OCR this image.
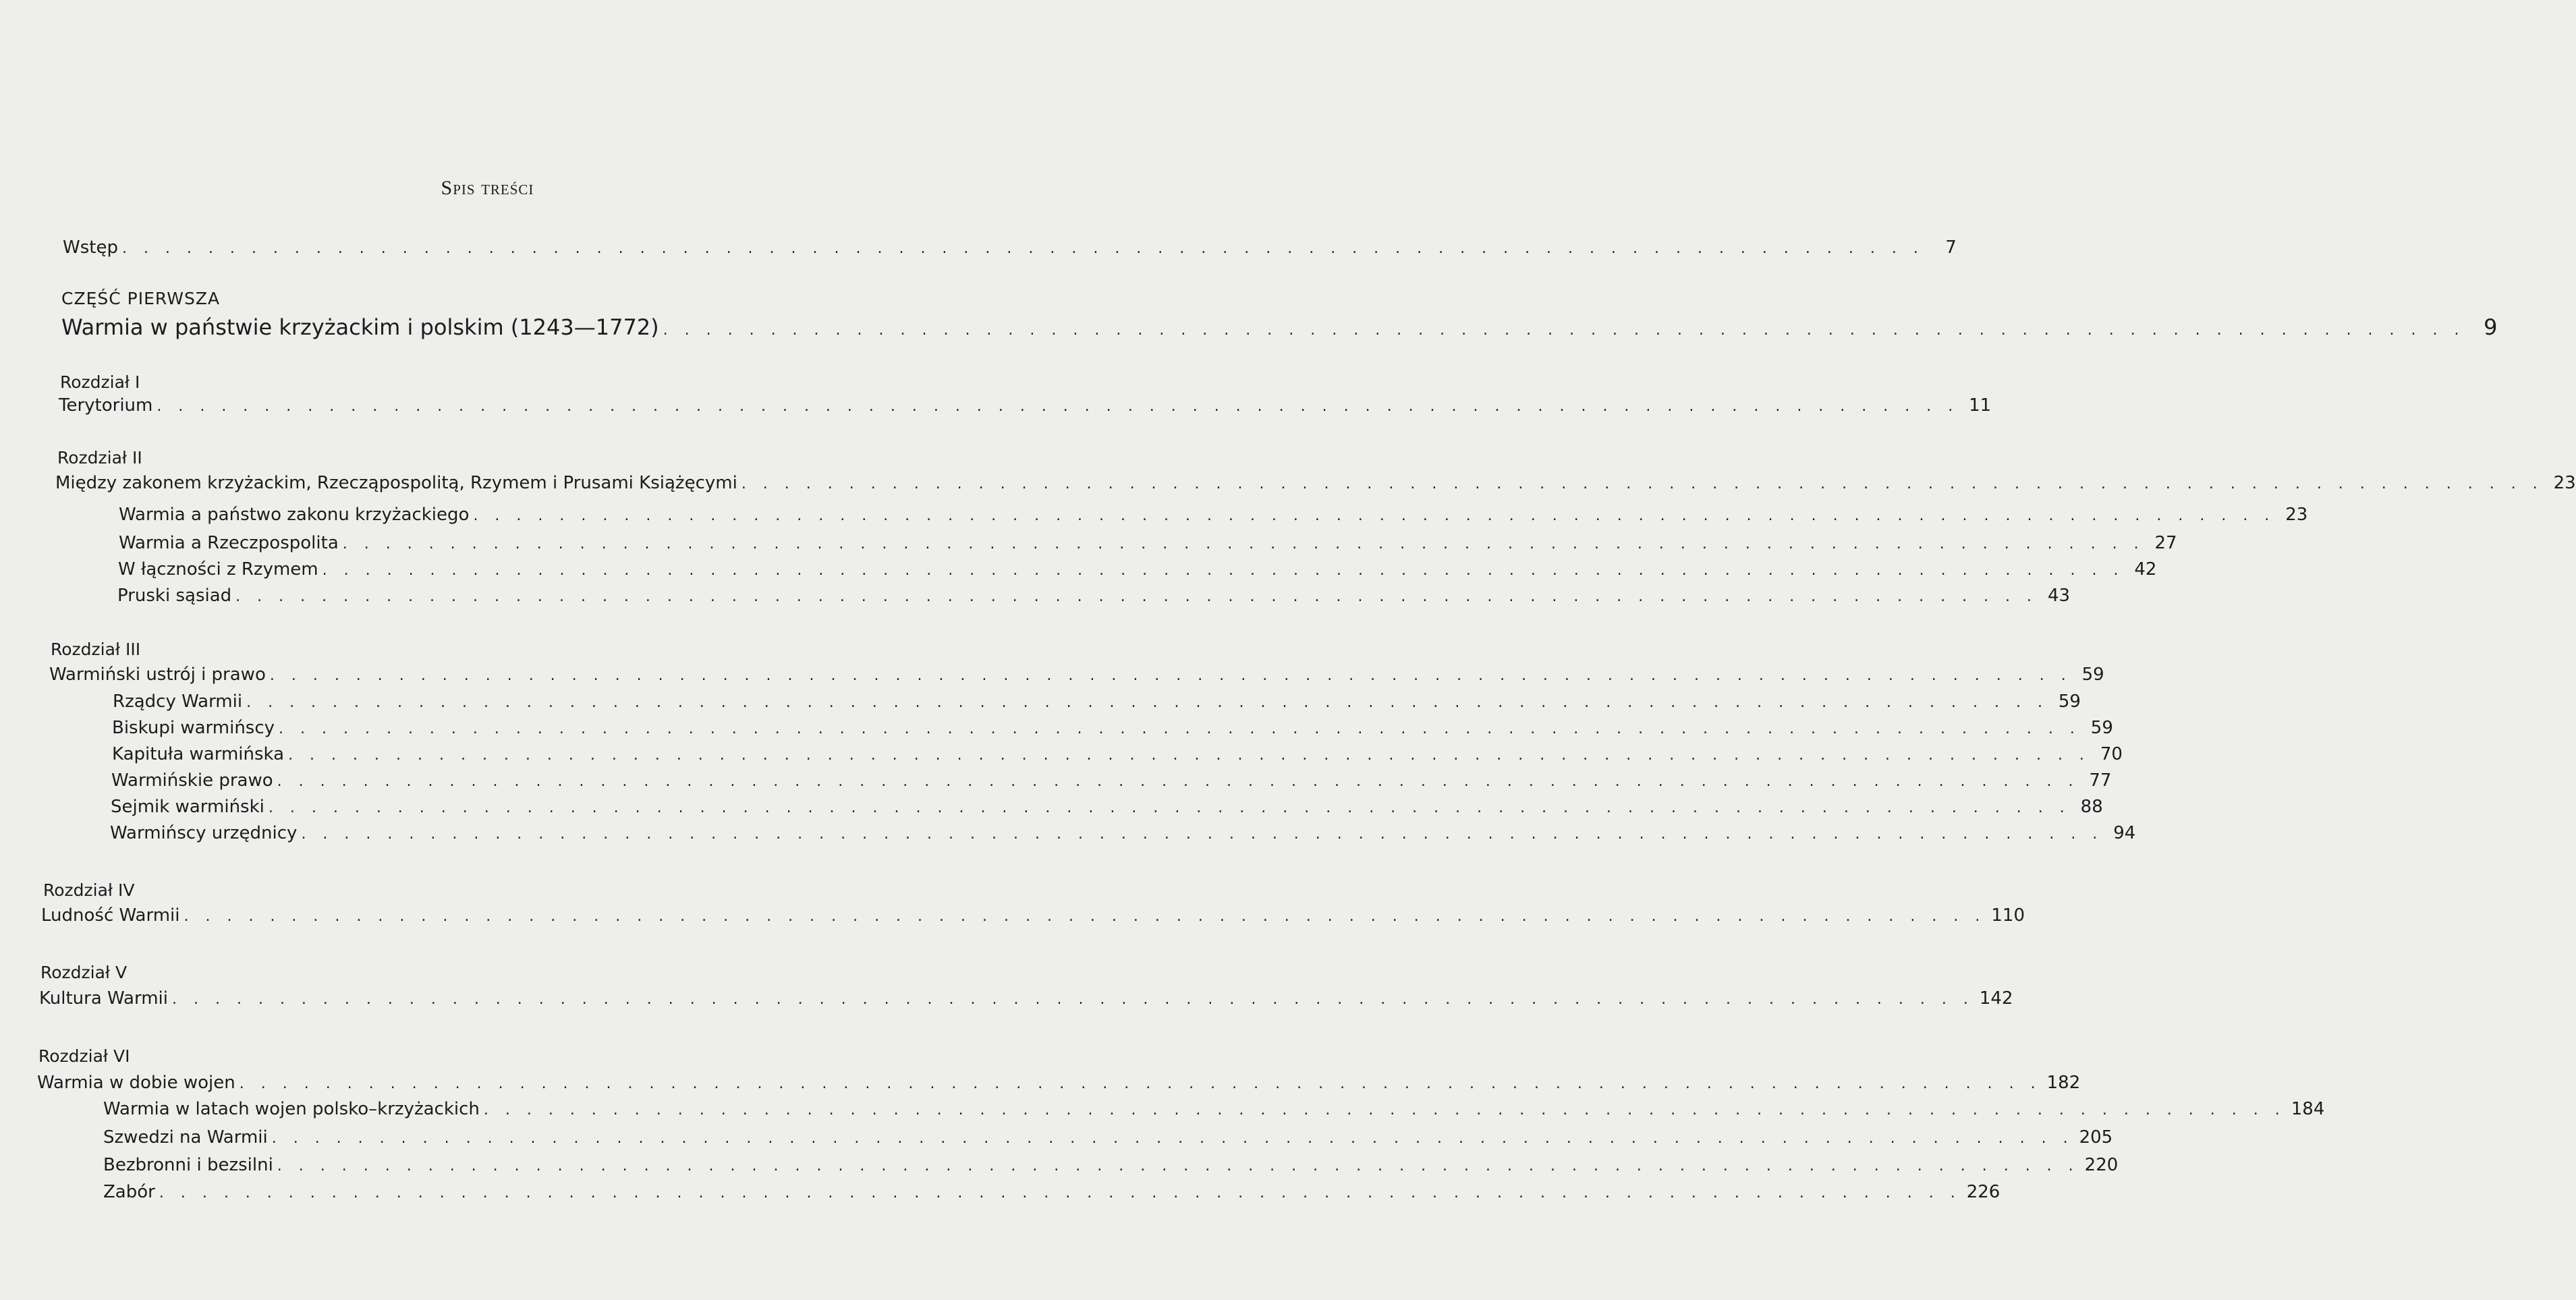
Spis treści
Wstęp . . . . . . . . . . . . . . . . . . . . . . . . . . . . . . . . . . . . . . . . . . . . . . . . . . . . . . . . . . . . . . . . . . . . . . . . . . . . . . . . . . . .	7
CZĘŚĆ PIERWSZA
Warmia w państwie krzyżackim i polskim (1243—1772) . . . . . . . . . . . . . . . . . . . . . . . . . . . . . . . . . . . . . . . . . . . . . . . . . . . . . . . . . . . . . . . . . . . . . . . . . . . . . . . . . . . . 9
Rozdział I
Terytorium . . . . . . . . . . . . . . . . . . . . . . . . . . . . . . . . . . . . . . . . . . . . . . . . . . . . . . . . . . . . . . . . . . . . . . . . . . . . . . . . . . . . 11
Rozdział II
Między zakonem krzyżackim, Rzecząpospolitą, Rzymem i Prusami Książęcymi . . . . . . . . . . . . . . . . . . . . . . . . . . . . . . . . . . . . . . . . . . . . . . . . . . . . . . . . . . . . . . . . . . . . . . . . . . . . . . . . . . . . 23
Warmia a państwo zakonu krzyżackiego . . . . . . . . . . . . . . . . . . . . . . . . . . . . . . . . . . . . . . . . . . . . . . . . . . . . . . . . . . . . . . . . . . . . . . . . . . . . . . . . . . . . 23
Warmia a Rzeczpospolita . . . . . . . . . . . . . . . . . . . . . . . . . . . . . . . . . . . . . . . . . . . . . . . . . . . . . . . . . . . . . . . . . . . . . . . . . . . . . . . . . . . . 27
W łączności z Rzymem . . . . . . . . . . . . . . . . . . . . . . . . . . . . . . . . . . . . . . . . . . . . . . . . . . . . . . . . . . . . . . . . . . . . . . . . . . . . . . . . . . . . 42
Pruski sąsiad . . . . . . . . . . . . . . . . . . . . . . . . . . . . . . . . . . . . . . . . . . . . . . . . . . . . . . . . . . . . . . . . . . . . . . . . . . . . . . . . . . . . 43
Rozdział III
Warmiński ustrój i prawo . . . . . . . . . . . . . . . . . . . . . . . . . . . . . . . . . . . . . . . . . . . . . . . . . . . . . . . . . . . . . . . . . . . . . . . . . . . . . . . . . . . . 59
Rządcy Warmii . . . . . . . . . . . . . . . . . . . . . . . . . . . . . . . . . . . . . . . . . . . . . . . . . . . . . . . . . . . . . . . . . . . . . . . . . . . . . . . . . . . . 59
Biskupi warmińscy . . . . . . . . . . . . . . . . . . . . . . . . . . . . . . . . . . . . . . . . . . . . . . . . . . . . . . . . . . . . . . . . . . . . . . . . . . . . . . . . . . . . 59
Kapituła warmińska . . . . . . . . . . . . . . . . . . . . . . . . . . . . . . . . . . . . . . . . . . . . . . . . . . . . . . . . . . . . . . . . . . . . . . . . . . . . . . . . . . . . 70
Warmińskie prawo . . . . . . . . . . . . . . . . . . . . . . . . . . . . . . . . . . . . . . . . . . . . . . . . . . . . . . . . . . . . . . . . . . . . . . . . . . . . . . . . . . . . 77
Sejmik warmiński . . . . . . . . . . . . . . . . . . . . . . . . . . . . . . . . . . . . . . . . . . . . . . . . . . . . . . . . . . . . . . . . . . . . . . . . . . . . . . . . . . . . 88
Warmińscy urzędnicy . . . . . . . . . . . . . . . . . . . . . . . . . . . . . . . . . . . . . . . . . . . . . . . . . . . . . . . . . . . . . . . . . . . . . . . . . . . . . . . . . . . . 94
Rozdział IV
Ludność Warmii . . . . . . . . . . . . . . . . . . . . . . . . . . . . . . . . . . . . . . . . . . . . . . . . . . . . . . . . . . . . . . . . . . . . . . . . . . . . . . . . . . . . 110
Rozdział V
Kultura Warmii . . . . . . . . . . . . . . . . . . . . . . . . . . . . . . . . . . . . . . . . . . . . . . . . . . . . . . . . . . . . . . . . . . . . . . . . . . . . . . . . . . . . 142
Rozdział VI
Warmia w dobie wojen . . . . . . . . . . . . . . . . . . . . . . . . . . . . . . . . . . . . . . . . . . . . . . . . . . . . . . . . . . . . . . . . . . . . . . . . . . . . . . . . . . . . 182
Warmia w latach wojen polsko–krzyżackich . . . . . . . . . . . . . . . . . . . . . . . . . . . . . . . . . . . . . . . . . . . . . . . . . . . . . . . . . . . . . . . . . . . . . . . . . . . . . . . . . . . . 184
Szwedzi na Warmii . . . . . . . . . . . . . . . . . . . . . . . . . . . . . . . . . . . . . . . . . . . . . . . . . . . . . . . . . . . . . . . . . . . . . . . . . . . . . . . . . . . . 205
Bezbronni i bezsilni . . . . . . . . . . . . . . . . . . . . . . . . . . . . . . . . . . . . . . . . . . . . . . . . . . . . . . . . . . . . . . . . . . . . . . . . . . . . . . . . . . . . 220
Zabór . . . . . . . . . . . . . . . . . . . . . . . . . . . . . . . . . . . . . . . . . . . . . . . . . . . . . . . . . . . . . . . . . . . . . . . . . . . . . . . . . . . . 226
